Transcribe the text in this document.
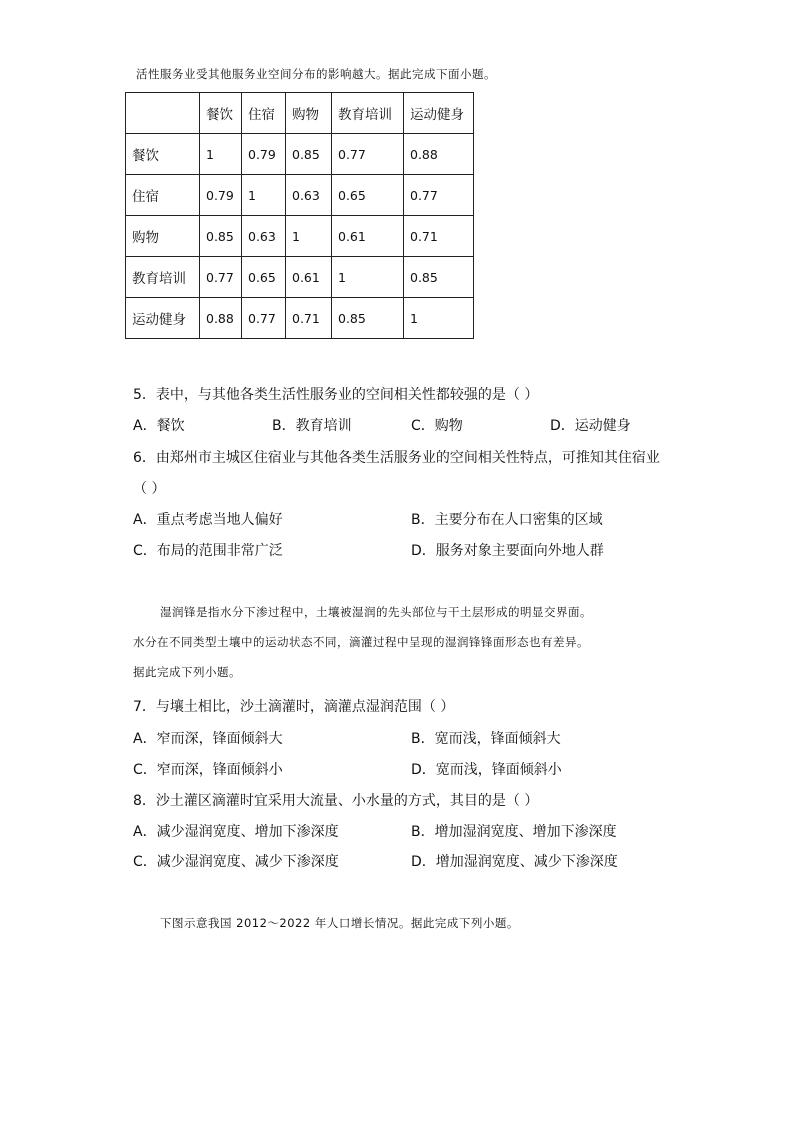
活性服务业受其他服务业空间分布的影响越大。据此完成下面小题。
	餐饮	住宿	购物	教育培训	运动健身
餐饮	1	0.79	0.85	0.77	0.88
住宿	0.79	1	0.63	0.65	0.77
购物	0.85	0.63	1	0.61	0.71
教育培训	0.77	0.65	0.61	1	0.85
运动健身	0.88	0.77	0.71	0.85	1
5．表中，与其他各类生活性服务业的空间相关性都较强的是（ ）
A．餐饮	B．教育培训	C．购物	D．运动健身
6．由郑州市主城区住宿业与其他各类生活服务业的空间相关性特点，可推知其住宿业
（ ）
A．重点考虑当地人偏好	B．主要分布在人口密集的区域
C．布局的范围非常广泛	D．服务对象主要面向外地人群
湿润锋是指水分下渗过程中，土壤被湿润的先头部位与干土层形成的明显交界面。
水分在不同类型土壤中的运动状态不同，滴灌过程中呈现的湿润锋锋面形态也有差异。
据此完成下列小题。
7．与壤土相比，沙土滴灌时，滴灌点湿润范围（ ）
A．窄而深，锋面倾斜大	B．宽而浅，锋面倾斜大
C．窄而深，锋面倾斜小	D．宽而浅，锋面倾斜小
8．沙土灌区滴灌时宜采用大流量、小水量的方式，其目的是（ ）
A．减少湿润宽度、增加下渗深度	B．增加湿润宽度、增加下渗深度
C．减少湿润宽度、减少下渗深度	D．增加湿润宽度、减少下渗深度
下图示意我国 2012～2022 年人口增长情况。据此完成下列小题。
